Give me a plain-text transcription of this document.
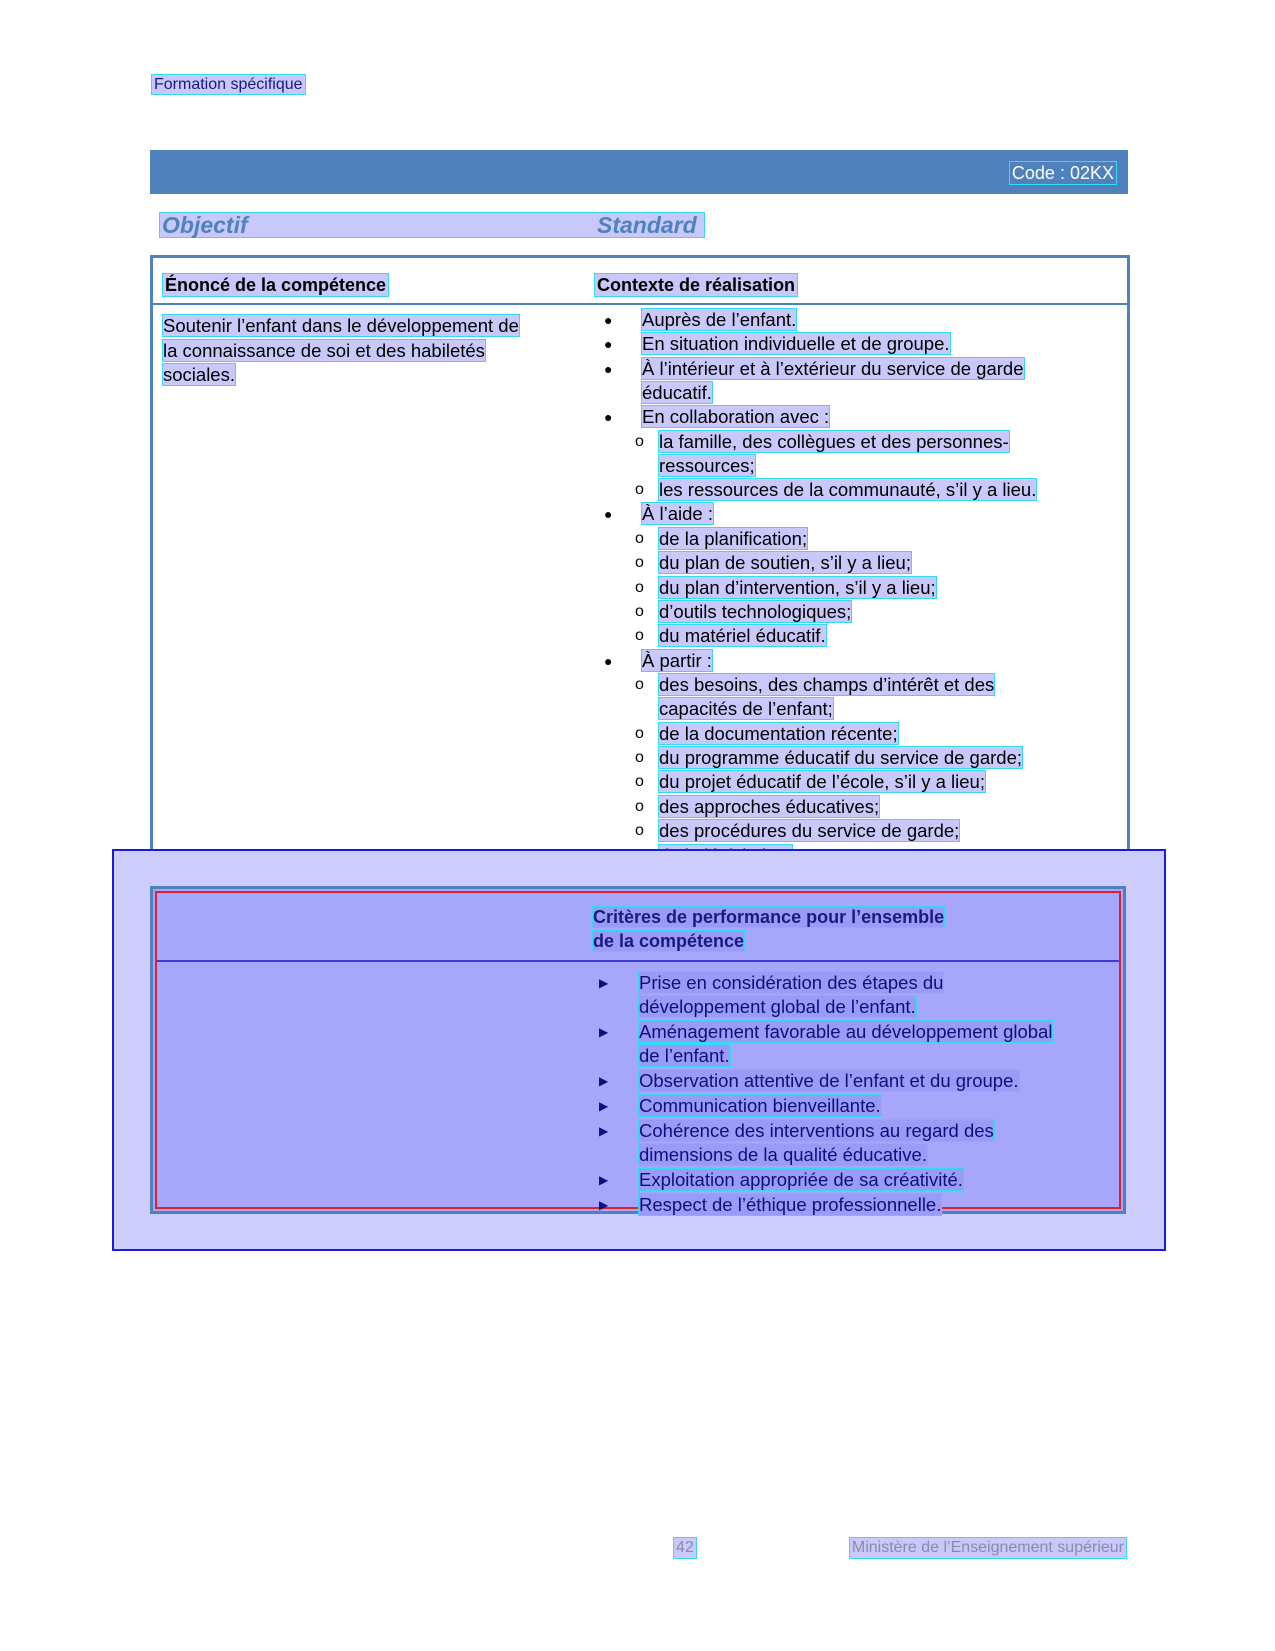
Formation spécifique
Code : 02KX
Objectif	Standard
Énoncé de la compétence	Contexte de réalisation
Soutenir l’enfant dans le développement de
la connaissance de soi et des habiletés
sociales.
● Auprès de l’enfant.
● En situation individuelle et de groupe.
● À l’intérieur et à l’extérieur du service de garde
éducatif.
● En collaboration avec :
o la famille, des collègues et des personnes-
ressources;
o les ressources de la communauté, s’il y a lieu.
● À l’aide :
o de la planification;
o du plan de soutien, s’il y a lieu;
o du plan d’intervention, s’il y a lieu;
o d’outils technologiques;
o du matériel éducatif.
● À partir :
o des besoins, des champs d’intérêt et des
capacités de l’enfant;
o de la documentation récente;
o du programme éducatif du service de garde;
o du projet éducatif de l’école, s’il y a lieu;
o des approches éducatives;
o des procédures du service de garde;
Critères de performance pour l’ensemble
de la compétence
▶ Prise en considération des étapes du
développement global de l’enfant.
▶ Aménagement favorable au développement global
de l’enfant.
▶ Observation attentive de l’enfant et du groupe.
▶ Communication bienveillante.
▶ Cohérence des interventions au regard des
dimensions de la qualité éducative.
▶ Exploitation appropriée de sa créativité.
▶ Respect de l’éthique professionnelle.
42	Ministère de l’Enseignement supérieur
